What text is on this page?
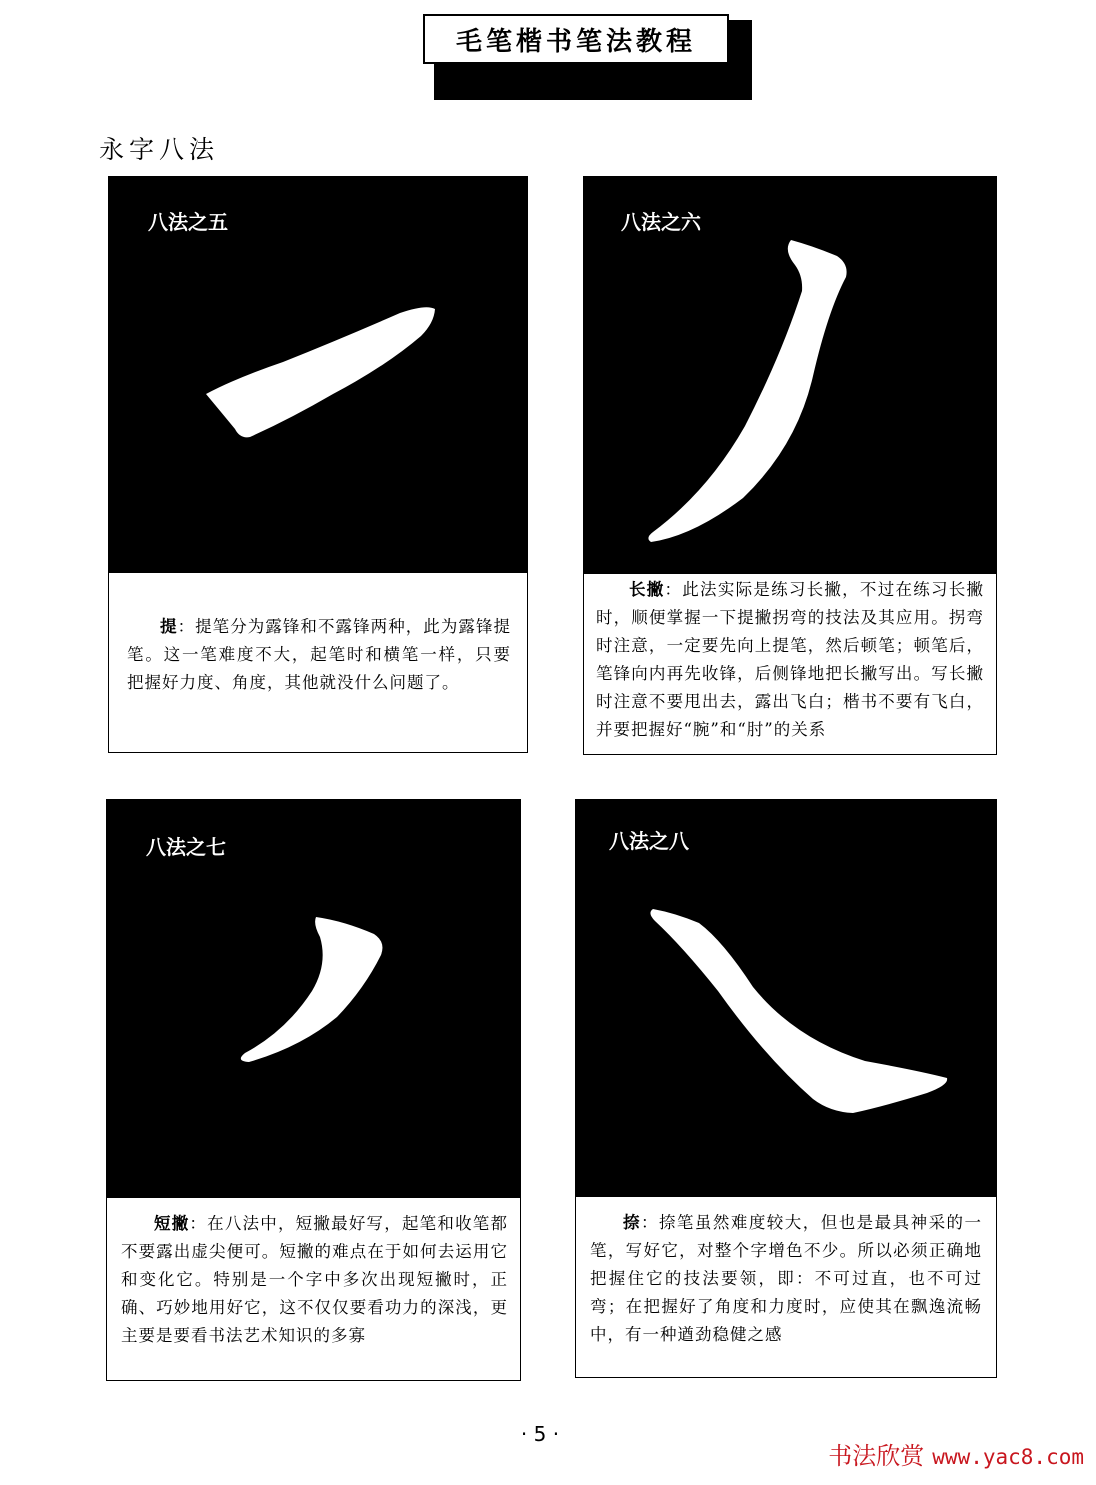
毛笔楷书笔法教程
永字八法
八法之五

提：提笔分为露锋和不露锋两种，此为露锋提笔。这一笔难度不大，起笔时和横笔一样，只要把握好力度、角度，其他就没什么问题了。

八法之六

长撇：此法实际是练习长撇，不过在练习长撇时，顺便掌握一下提撇拐弯的技法及其应用。拐弯时注意，一定要先向上提笔，然后顿笔；顿笔后，笔锋向内再先收锋，后侧锋地把长撇写出。写长撇时注意不要甩出去，露出飞白；楷书不要有飞白，并要把握好“腕”和“肘”的关系

八法之七

短撇：在八法中，短撇最好写，起笔和收笔都不要露出虚尖便可。短撇的难点在于如何去运用它和变化它。特别是一个字中多次出现短撇时，正确、巧妙地用好它，这不仅仅要看功力的深浅，更主要是要看书法艺术知识的多寡

八法之八

捺：捺笔虽然难度较大，但也是最具神采的一笔，写好它，对整个字增色不少。所以必须正确地把握住它的技法要领，即：不可过直，也不可过弯；在把握好了角度和力度时，应使其在飘逸流畅中，有一种遒劲稳健之感

· 5 ·
书法欣赏 www.yac8.com
